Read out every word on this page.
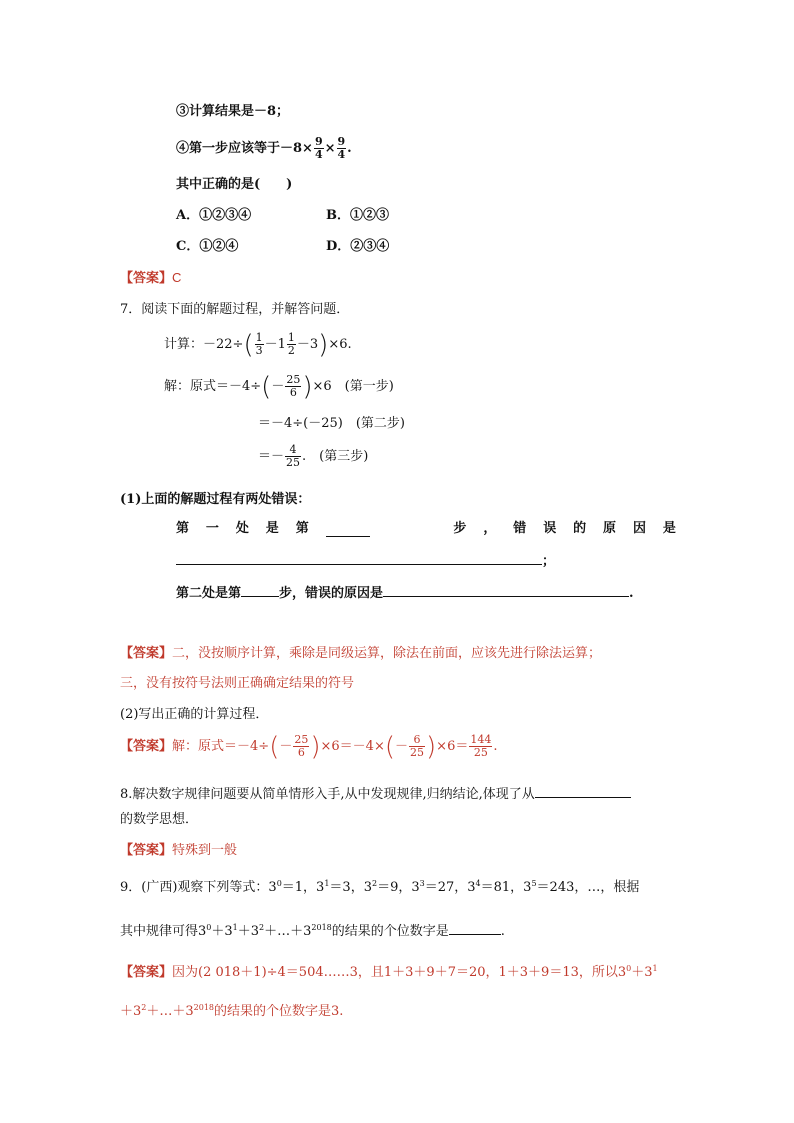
③计算结果是－8；
④第一步应该等于$-8\times \frac{9}{4} \times \frac{9}{4}$ .
其中正确的是(　　)
A．①②③④	B．①②③
C．①②④	D．②③④
【答案】C
7．阅读下面的解题过程，并解答问题．
计算：－22÷ ( $\frac{1}{3} -1 \frac{1}{2} -3$ ) ×6.
解：原式＝－4÷ ( － $\frac{25}{6}$ ) ×6　(第一步)
＝－4÷(－25)　(第二步)
＝－ $\frac{4}{25}$ .　(第三步)
(1)上面的解题过程有两处错误：
第 一 处 是 第	步 ， 错 误 的 原 因 是
；
第二处是第	步，错误的原因是	.
【答案】二，没按顺序计算，乘除是同级运算，除法在前面，应该先进行除法运算；
三，没有按符号法则正确确定结果的符号
(2)写出正确的计算过程．
【答案】 解：原式＝－4÷ ( － $\frac{25}{6}$ ) ×6＝－4× ( － $\frac{6}{25}$ ) $\times 6= \frac{144}{25}$ .
8.解决数字规律问题要从简单情形入手,从中发现规律,归纳结论,体现了从
的数学思想．
【答案】特殊到一般
9．(广西)观察下列等式：$3^0=1$，$3^1=3$，$3^2=9$，$3^3=27$，$3^4=81$，$3^5=243$，…，根据
其中规律可得$3^0+3^1+3^2+\dots+3^{2018}$的结果的个位数字是	.
【答案】因为(2 018＋1)÷4＝504……3，且1＋3＋9＋7＝20，1＋3＋9＝13，所以$3^0+3^1$
$+3^2+\dots+3^{2018}$的结果的个位数字是3.
